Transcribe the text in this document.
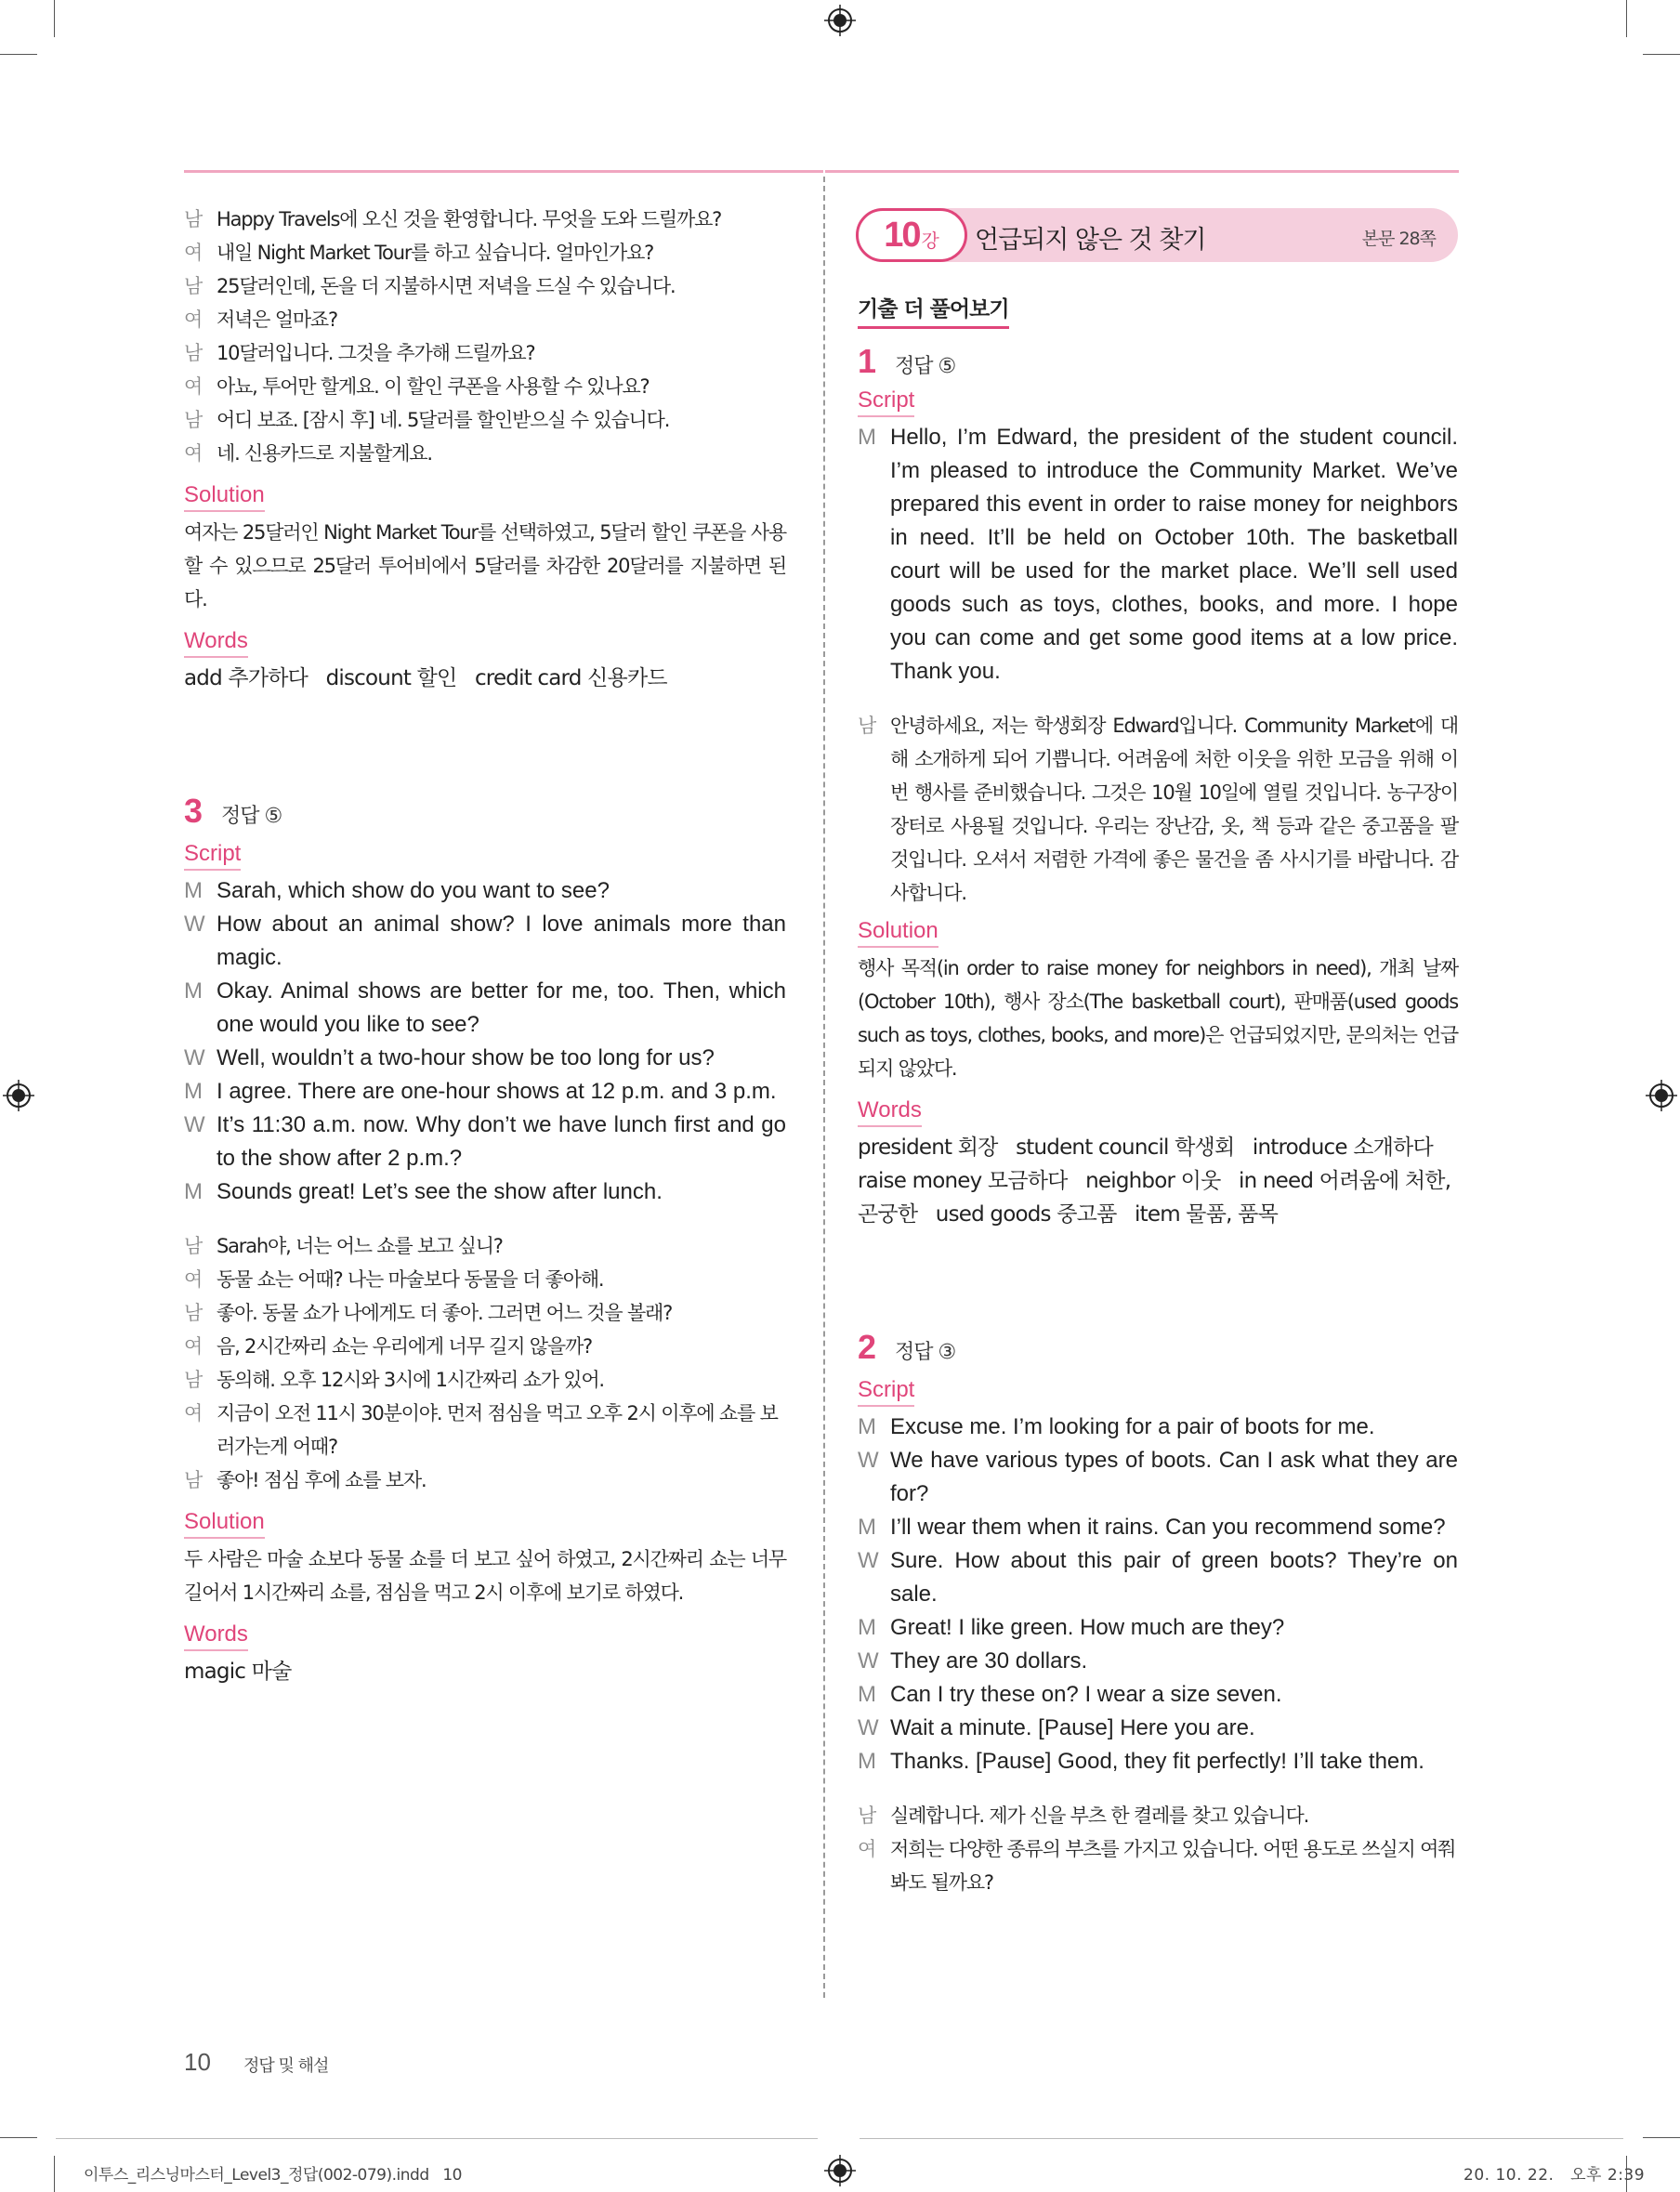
남 Happy Travels에 오신 것을 환영합니다. 무엇을 도와 드릴까요?
여 내일 Night Market Tour를 하고 싶습니다. 얼마인가요?
남 25달러인데, 돈을 더 지불하시면 저녁을 드실 수 있습니다.
여 저녁은 얼마죠?
남 10달러입니다. 그것을 추가해 드릴까요?
여 아뇨, 투어만 할게요. 이 할인 쿠폰을 사용할 수 있나요?
남 어디 보죠. [잠시 후] 네. 5달러를 할인받으실 수 있습니다.
여 네. 신용카드로 지불할게요.
Solution
여자는 25달러인 Night Market Tour를 선택하였고, 5달러 할인 쿠폰을 사용할 수 있으므로 25달러 투어비에서 5달러를 차감한 20달러를 지불하면 된다.
Words
add 추가하다   discount 할인   credit card 신용카드
3 정답 ⑤
Script
M Sarah, which show do you want to see?
W How about an animal show? I love animals more than magic.
M Okay. Animal shows are better for me, too. Then, which one would you like to see?
W Well, wouldn’t a two-hour show be too long for us?
M I agree. There are one-hour shows at 12 p.m. and 3 p.m.
W It’s 11:30 a.m. now. Why don’t we have lunch first and go to the show after 2 p.m.?
M Sounds great! Let’s see the show after lunch.
남 Sarah야, 너는 어느 쇼를 보고 싶니?
여 동물 쇼는 어때? 나는 마술보다 동물을 더 좋아해.
남 좋아. 동물 쇼가 나에게도 더 좋아. 그러면 어느 것을 볼래?
여 음, 2시간짜리 쇼는 우리에게 너무 길지 않을까?
남 동의해. 오후 12시와 3시에 1시간짜리 쇼가 있어.
여 지금이 오전 11시 30분이야. 먼저 점심을 먹고 오후 2시 이후에 쇼를 보러가는게 어때?
남 좋아! 점심 후에 쇼를 보자.
Solution
두 사람은 마술 쇼보다 동물 쇼를 더 보고 싶어 하였고, 2시간짜리 쇼는 너무 길어서 1시간짜리 쇼를, 점심을 먹고 2시 이후에 보기로 하였다.
Words
magic 마술
10 강 언급되지 않은 것 찾기	본문 28쪽
기출 더 풀어보기
1 정답 ⑤
Script
M Hello, I’m Edward, the president of the student council. I’m pleased to introduce the Community Market. We’ve prepared this event in order to raise money for neighbors in need. It’ll be held on October 10th. The basketball court will be used for the market place. We’ll sell used goods such as toys, clothes, books, and more. I hope you can come and get some good items at a low price. Thank you.
남 안녕하세요, 저는 학생회장 Edward입니다. Community Market에 대해 소개하게 되어 기쁩니다. 어려움에 처한 이웃을 위한 모금을 위해 이번 행사를 준비했습니다. 그것은 10월 10일에 열릴 것입니다. 농구장이 장터로 사용될 것입니다. 우리는 장난감, 옷, 책 등과 같은 중고품을 팔 것입니다. 오셔서 저렴한 가격에 좋은 물건을 좀 사시기를 바랍니다. 감사합니다.
Solution
행사 목적(in order to raise money for neighbors in need), 개최 날짜(October 10th), 행사 장소(The basketball court), 판매품(used goods such as toys, clothes, books, and more)은 언급되었지만, 문의처는 언급되지 않았다.
Words
president 회장   student council 학생회   introduce 소개하다
raise money 모금하다   neighbor 이웃   in need 어려움에 처한,
곤궁한   used goods 중고품   item 물품, 품목
2 정답 ③
Script
M Excuse me. I’m looking for a pair of boots for me.
W We have various types of boots. Can I ask what they are for?
M I’ll wear them when it rains. Can you recommend some?
W Sure. How about this pair of green boots? They’re on sale.
M Great! I like green. How much are they?
W They are 30 dollars.
M Can I try these on? I wear a size seven.
W Wait a minute. [Pause] Here you are.
M Thanks. [Pause] Good, they fit perfectly! I’ll take them.
남 실례합니다. 제가 신을 부츠 한 켤레를 찾고 있습니다.
여 저희는 다양한 종류의 부츠를 가지고 있습니다. 어떤 용도로 쓰실지 여쭤봐도 될까요?
10 정답 및 해설
이투스_리스닝마스터_Level3_정답(002-079).indd   10	20. 10. 22.   오후 2:39
